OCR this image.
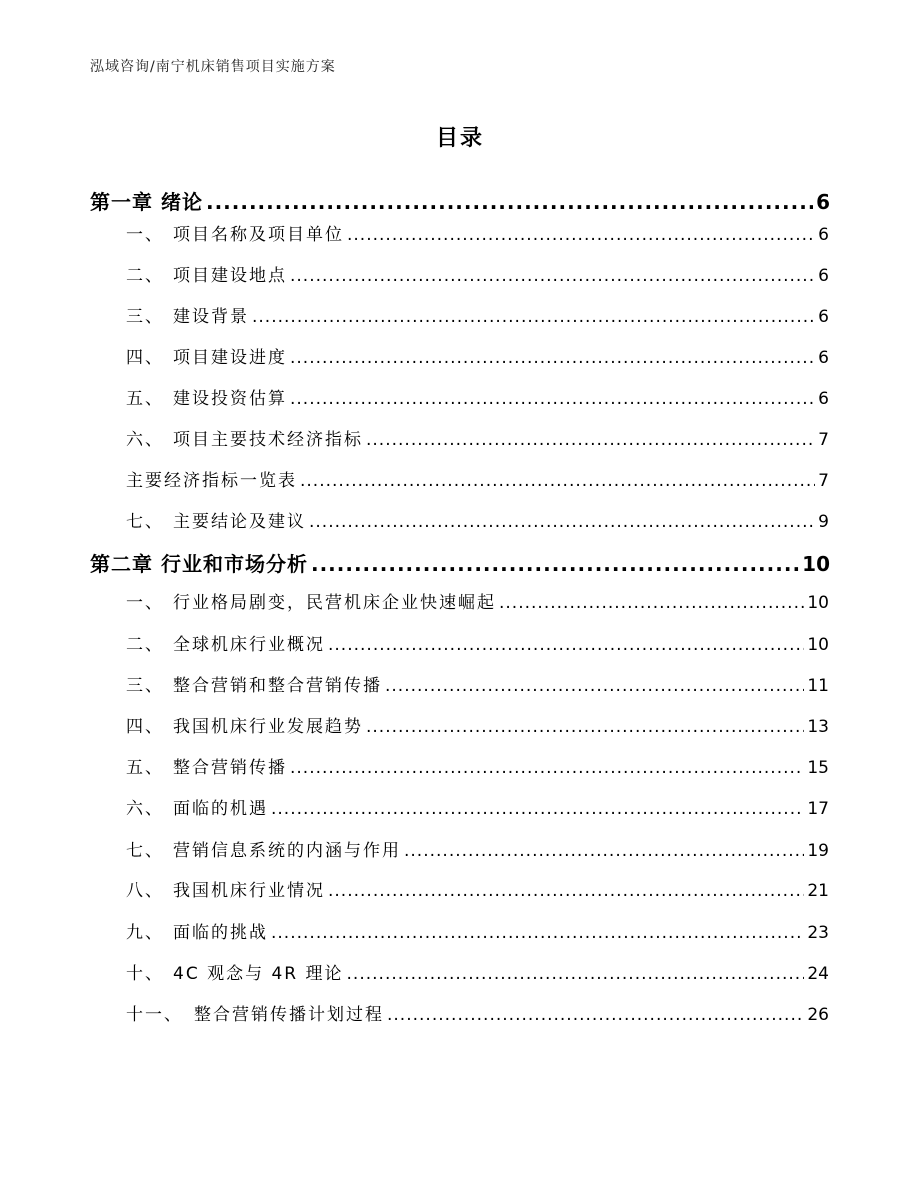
泓域咨询/南宁机床销售项目实施方案
目录
第一章 绪论 .....	6
一、 项目名称及项目单位 .....	6
二、 项目建设地点 .....	6
三、 建设背景 .....	6
四、 项目建设进度 .....	6
五、 建设投资估算 .....	6
六、 项目主要技术经济指标 .....	7
主要经济指标一览表 .....	7
七、 主要结论及建议 .....	9
第二章 行业和市场分析 .....	10
一、 行业格局剧变，民营机床企业快速崛起 .....	10
二、 全球机床行业概况 .....	10
三、 整合营销和整合营销传播 .....	11
四、 我国机床行业发展趋势 .....	13
五、 整合营销传播 .....	15
六、 面临的机遇 .....	17
七、 营销信息系统的内涵与作用 .....	19
八、 我国机床行业情况 .....	21
九、 面临的挑战 .....	23
十、 4C 观念与 4R 理论 .....	24
十一、 整合营销传播计划过程 .....	26
